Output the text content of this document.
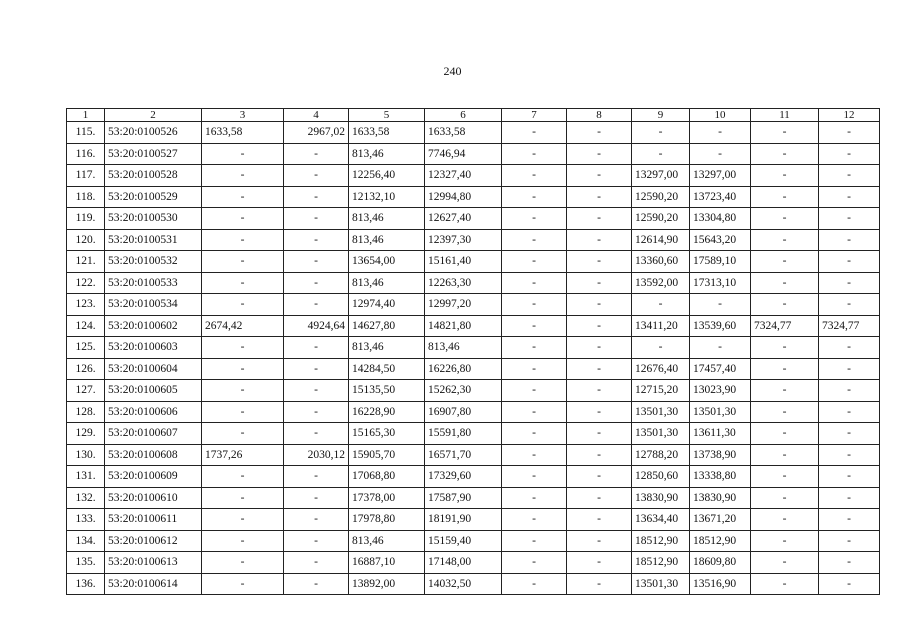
240
1	2	3	4	5	6	7	8	9	10	11	12
115.	53:20:0100526	1633,58	2967,02	1633,58	1633,58	-	-	-	-	-	-
116.	53:20:0100527	-	-	813,46	7746,94	-	-	-	-	-	-
117.	53:20:0100528	-	-	12256,40	12327,40	-	-	13297,00	13297,00	-	-
118.	53:20:0100529	-	-	12132,10	12994,80	-	-	12590,20	13723,40	-	-
119.	53:20:0100530	-	-	813,46	12627,40	-	-	12590,20	13304,80	-	-
120.	53:20:0100531	-	-	813,46	12397,30	-	-	12614,90	15643,20	-	-
121.	53:20:0100532	-	-	13654,00	15161,40	-	-	13360,60	17589,10	-	-
122.	53:20:0100533	-	-	813,46	12263,30	-	-	13592,00	17313,10	-	-
123.	53:20:0100534	-	-	12974,40	12997,20	-	-	-	-	-	-
124.	53:20:0100602	2674,42	4924,64	14627,80	14821,80	-	-	13411,20	13539,60	7324,77	7324,77
125.	53:20:0100603	-	-	813,46	813,46	-	-	-	-	-	-
126.	53:20:0100604	-	-	14284,50	16226,80	-	-	12676,40	17457,40	-	-
127.	53:20:0100605	-	-	15135,50	15262,30	-	-	12715,20	13023,90	-	-
128.	53:20:0100606	-	-	16228,90	16907,80	-	-	13501,30	13501,30	-	-
129.	53:20:0100607	-	-	15165,30	15591,80	-	-	13501,30	13611,30	-	-
130.	53:20:0100608	1737,26	2030,12	15905,70	16571,70	-	-	12788,20	13738,90	-	-
131.	53:20:0100609	-	-	17068,80	17329,60	-	-	12850,60	13338,80	-	-
132.	53:20:0100610	-	-	17378,00	17587,90	-	-	13830,90	13830,90	-	-
133.	53:20:0100611	-	-	17978,80	18191,90	-	-	13634,40	13671,20	-	-
134.	53:20:0100612	-	-	813,46	15159,40	-	-	18512,90	18512,90	-	-
135.	53:20:0100613	-	-	16887,10	17148,00	-	-	18512,90	18609,80	-	-
136.	53:20:0100614	-	-	13892,00	14032,50	-	-	13501,30	13516,90	-	-
